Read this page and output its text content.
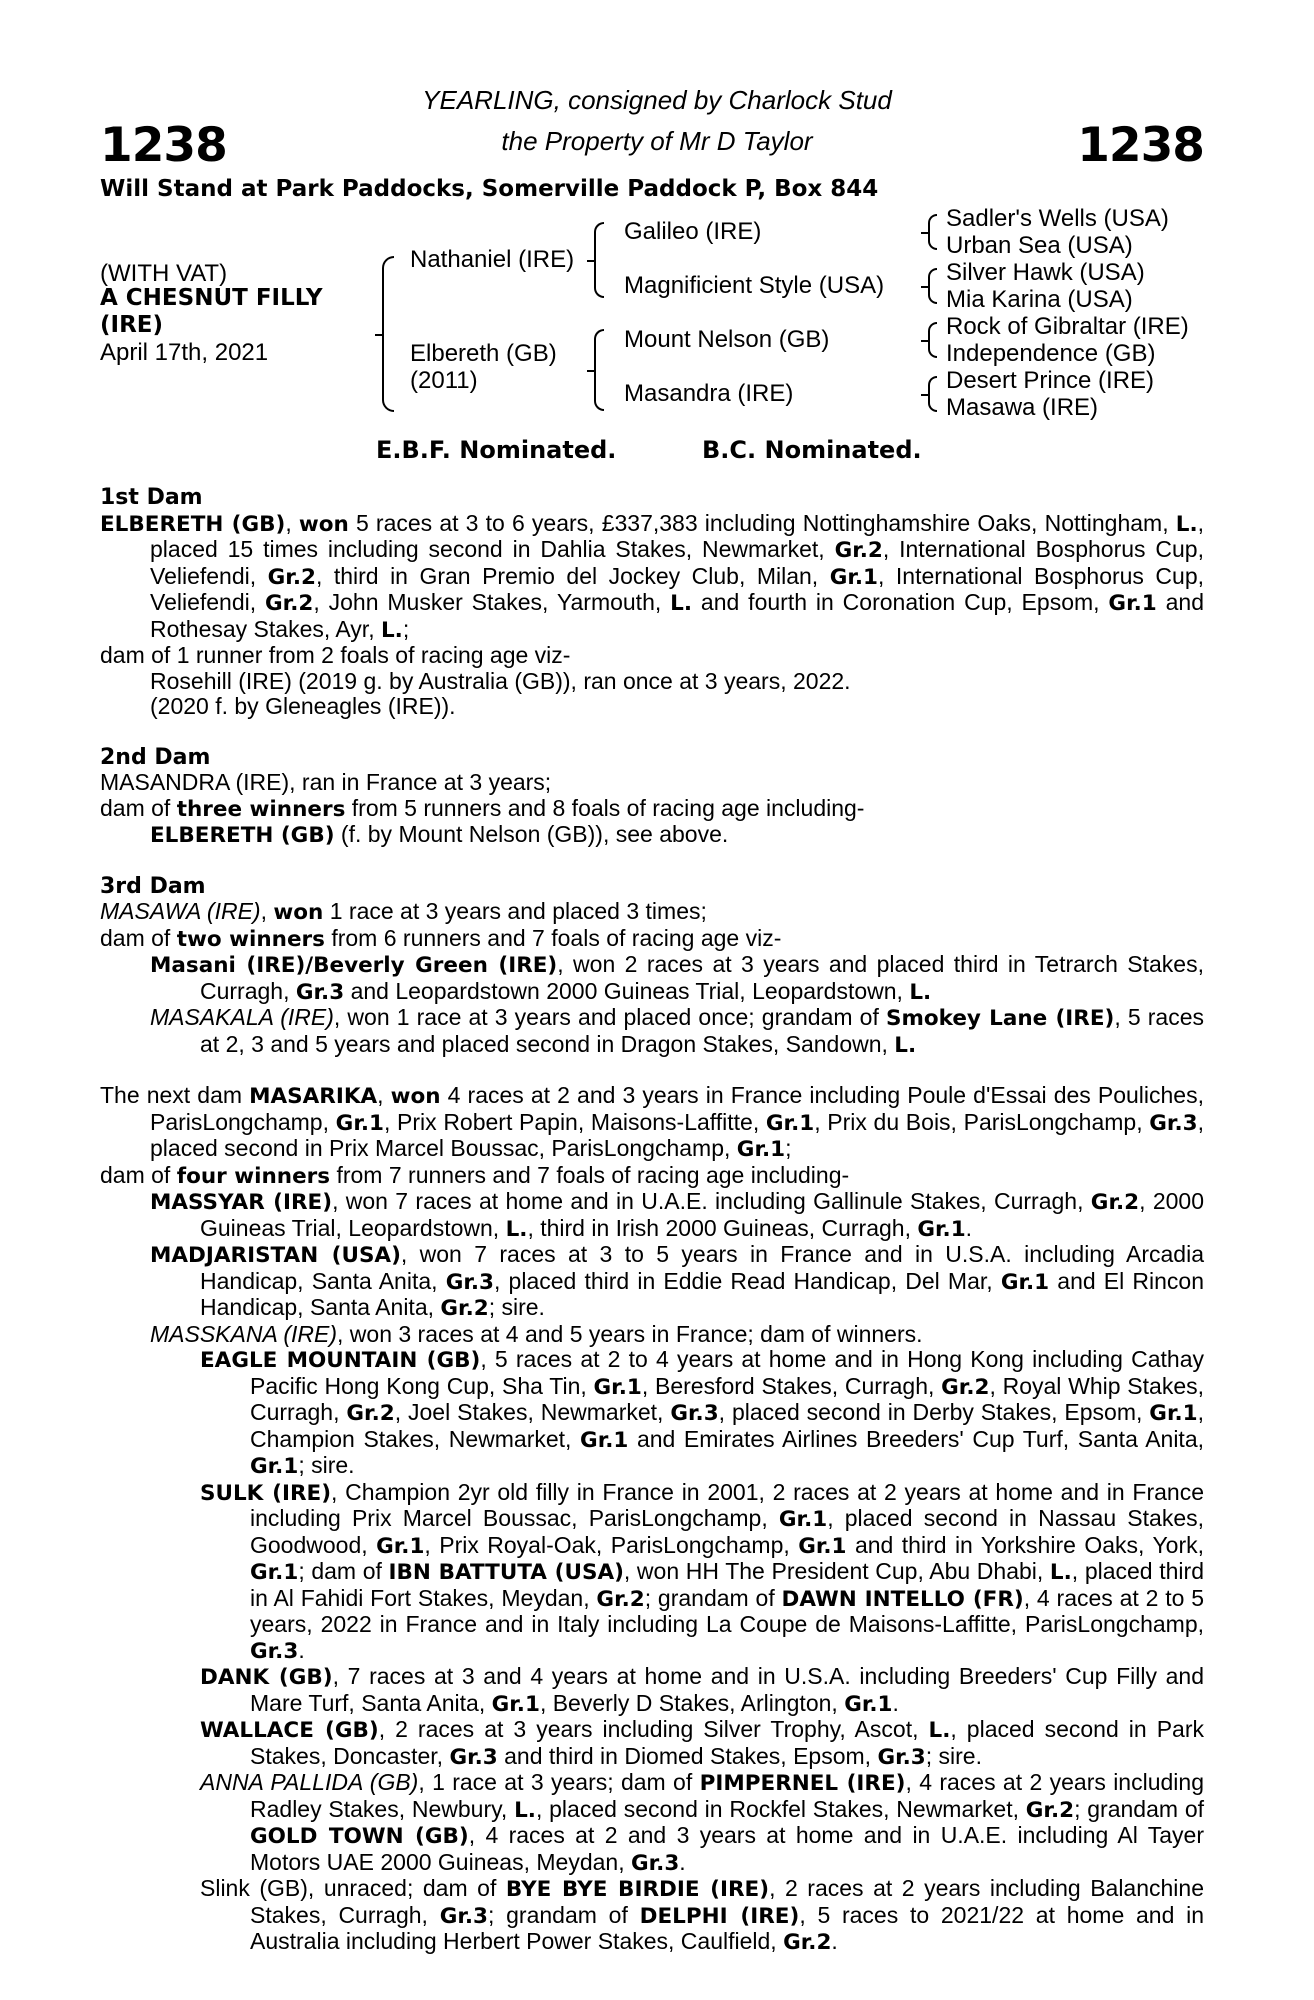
1238	1238
YEARLING, consigned by Charlock Stud
the Property of Mr D Taylor
Will Stand at Park Paddocks, Somerville Paddock P, Box 844
(WITH VAT)
A CHESNUT FILLY
(IRE)
April 17th, 2021
Nathaniel (IRE)
Elbereth (GB)
(2011)
Galileo (IRE)
Magnificient Style (USA)
Mount Nelson (GB)
Masandra (IRE)
Sadler's Wells (USA)
Urban Sea (USA)
Silver Hawk (USA)
Mia Karina (USA)
Rock of Gibraltar (IRE)
Independence (GB)
Desert Prince (IRE)
Masawa (IRE)
E.B.F. Nominated.	B.C. Nominated.
1st Dam

ELBERETH (GB), won 5 races at 3 to 6 years, £337,383 including Nottinghamshire Oaks, Nottingham, L., placed 15 times including second in Dahlia Stakes, Newmarket, Gr.2, International Bosphorus Cup, Veliefendi, Gr.2, third in Gran Premio del Jockey Club, Milan, Gr.1, International Bosphorus Cup, Veliefendi, Gr.2, John Musker Stakes, Yarmouth, L. and fourth in Coronation Cup, Epsom, Gr.1 and Rothesay Stakes, Ayr, L.;

dam of 1 runner from 2 foals of racing age viz-

Rosehill (IRE) (2019 g. by Australia (GB)), ran once at 3 years, 2022.

(2020 f. by Gleneagles (IRE)).

2nd Dam

MASANDRA (IRE), ran in France at 3 years;

dam of three winners from 5 runners and 8 foals of racing age including-

ELBERETH (GB) (f. by Mount Nelson (GB)), see above.

3rd Dam

MASAWA (IRE), won 1 race at 3 years and placed 3 times;

dam of two winners from 6 runners and 7 foals of racing age viz-

Masani (IRE)/Beverly Green (IRE), won 2 races at 3 years and placed third in Tetrarch Stakes, Curragh, Gr.3 and Leopardstown 2000 Guineas Trial, Leopardstown, L.

MASAKALA (IRE), won 1 race at 3 years and placed once; grandam of Smokey Lane (IRE), 5 races at 2, 3 and 5 years and placed second in Dragon Stakes, Sandown, L.

The next dam MASARIKA, won 4 races at 2 and 3 years in France including Poule d'Essai des Pouliches, ParisLongchamp, Gr.1, Prix Robert Papin, Maisons-Laffitte, Gr.1, Prix du Bois, ParisLongchamp, Gr.3, placed second in Prix Marcel Boussac, ParisLongchamp, Gr.1;

dam of four winners from 7 runners and 7 foals of racing age including-

MASSYAR (IRE), won 7 races at home and in U.A.E. including Gallinule Stakes, Curragh, Gr.2, 2000 Guineas Trial, Leopardstown, L., third in Irish 2000 Guineas, Curragh, Gr.1.

MADJARISTAN (USA), won 7 races at 3 to 5 years in France and in U.S.A. including Arcadia Handicap, Santa Anita, Gr.3, placed third in Eddie Read Handicap, Del Mar, Gr.1 and El Rincon Handicap, Santa Anita, Gr.2; sire.

MASSKANA (IRE), won 3 races at 4 and 5 years in France; dam of winners.

EAGLE MOUNTAIN (GB), 5 races at 2 to 4 years at home and in Hong Kong including Cathay Pacific Hong Kong Cup, Sha Tin, Gr.1, Beresford Stakes, Curragh, Gr.2, Royal Whip Stakes, Curragh, Gr.2, Joel Stakes, Newmarket, Gr.3, placed second in Derby Stakes, Epsom, Gr.1, Champion Stakes, Newmarket, Gr.1 and Emirates Airlines Breeders' Cup Turf, Santa Anita, Gr.1; sire.

SULK (IRE), Champion 2yr old filly in France in 2001, 2 races at 2 years at home and in France including Prix Marcel Boussac, ParisLongchamp, Gr.1, placed second in Nassau Stakes, Goodwood, Gr.1, Prix Royal-Oak, ParisLongchamp, Gr.1 and third in Yorkshire Oaks, York, Gr.1; dam of IBN BATTUTA (USA), won HH The President Cup, Abu Dhabi, L., placed third in Al Fahidi Fort Stakes, Meydan, Gr.2; grandam of DAWN INTELLO (FR), 4 races at 2 to 5 years, 2022 in France and in Italy including La Coupe de Maisons-Laffitte, ParisLongchamp, Gr.3.

DANK (GB), 7 races at 3 and 4 years at home and in U.S.A. including Breeders' Cup Filly and Mare Turf, Santa Anita, Gr.1, Beverly D Stakes, Arlington, Gr.1.

WALLACE (GB), 2 races at 3 years including Silver Trophy, Ascot, L., placed second in Park Stakes, Doncaster, Gr.3 and third in Diomed Stakes, Epsom, Gr.3; sire.

ANNA PALLIDA (GB), 1 race at 3 years; dam of PIMPERNEL (IRE), 4 races at 2 years including Radley Stakes, Newbury, L., placed second in Rockfel Stakes, Newmarket, Gr.2; grandam of GOLD TOWN (GB), 4 races at 2 and 3 years at home and in U.A.E. including Al Tayer Motors UAE 2000 Guineas, Meydan, Gr.3.

Slink (GB), unraced; dam of BYE BYE BIRDIE (IRE), 2 races at 2 years including Balanchine Stakes, Curragh, Gr.3; grandam of DELPHI (IRE), 5 races to 2021/22 at home and in Australia including Herbert Power Stakes, Caulfield, Gr.2.
